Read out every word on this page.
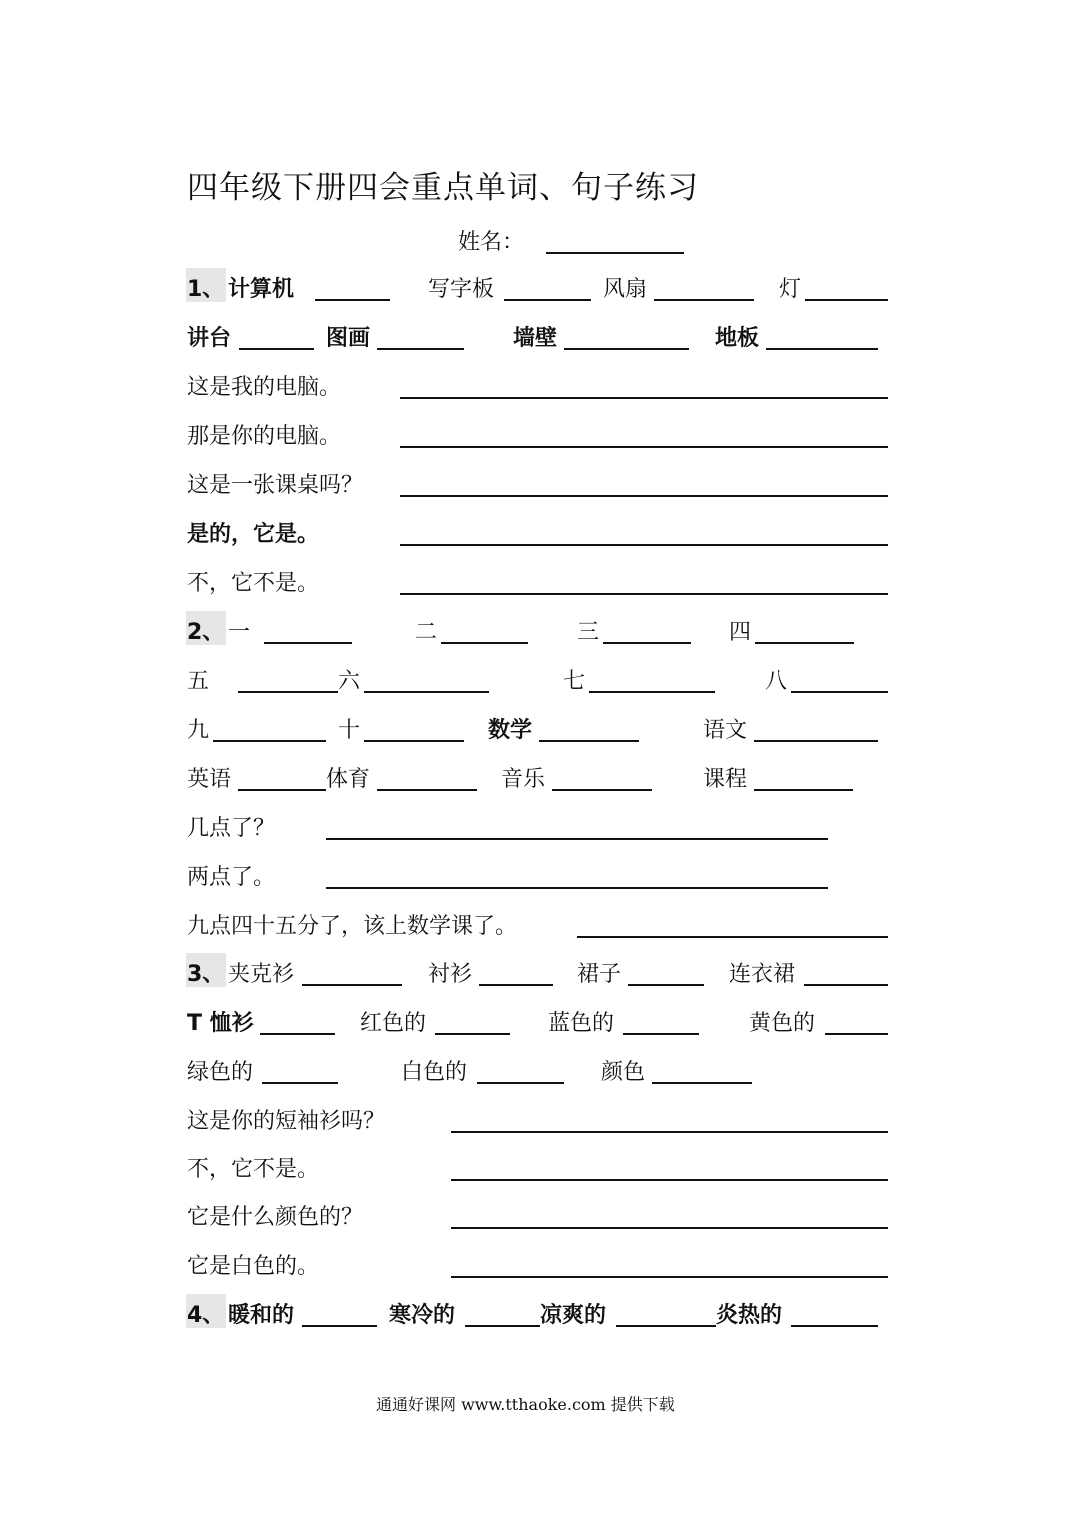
四年级下册四会重点单词、句子练习
姓名：
1、 计算机	写字板	风扇	灯
讲台	图画	墙壁	地板
这是我的电脑。
那是你的电脑。
这是一张课桌吗？
是的，它是。
不，它不是。
2、 一	二	三	四
五	六	七	八
九	十	数学	语文
英语	体育	音乐	课程
几点了？
两点了。
九点四十五分了，该上数学课了。
3、 夹克衫	衬衫	裙子	连衣裙
T 恤衫	红色的	蓝色的	黄色的
绿色的	白色的	颜色
这是你的短袖衫吗？
不，它不是。
它是什么颜色的？
它是白色的。
4、 暖和的	寒冷的	凉爽的	炎热的
通通好课网 www.tthaoke.com 提供下载
